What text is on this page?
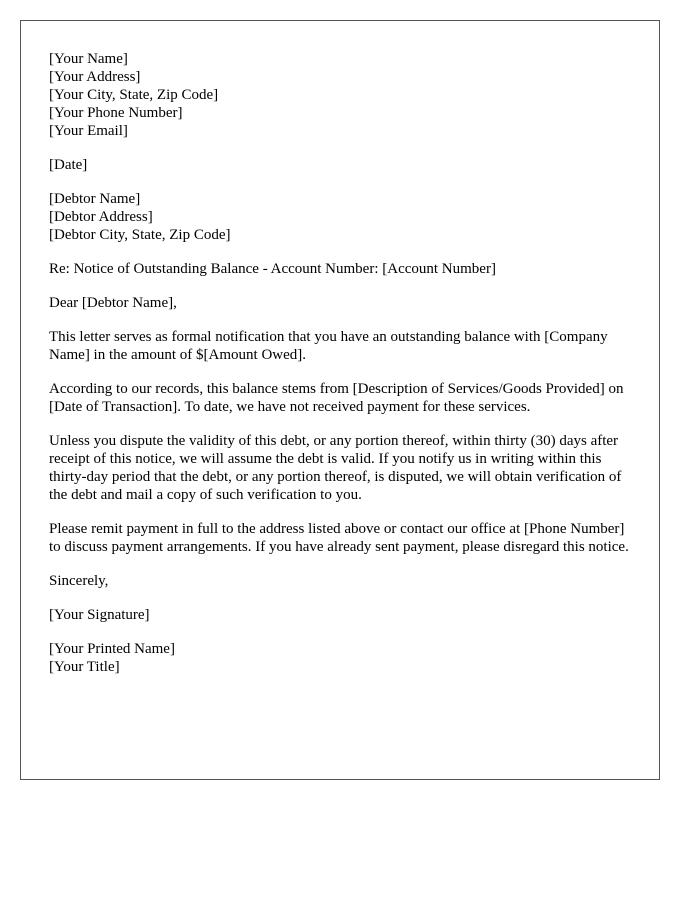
[Your Name]
[Your Address]
[Your City, State, Zip Code]
[Your Phone Number]
[Your Email]
[Date]
[Debtor Name]
[Debtor Address]
[Debtor City, State, Zip Code]

Re: Notice of Outstanding Balance - Account Number: [Account Number]

Dear [Debtor Name],

This letter serves as formal notification that you have an outstanding balance with [Company Name] in the amount of $[Amount Owed].

According to our records, this balance stems from [Description of Services/Goods Provided] on [Date of Transaction]. To date, we have not received payment for these services.

Unless you dispute the validity of this debt, or any portion thereof, within thirty (30) days after receipt of this notice, we will assume the debt is valid. If you notify us in writing within this thirty-day period that the debt, or any portion thereof, is disputed, we will obtain verification of the debt and mail a copy of such verification to you.

Please remit payment in full to the address listed above or contact our office at [Phone Number] to discuss payment arrangements. If you have already sent payment, please disregard this notice.

Sincerely,

[Your Signature]

[Your Printed Name]
[Your Title]
